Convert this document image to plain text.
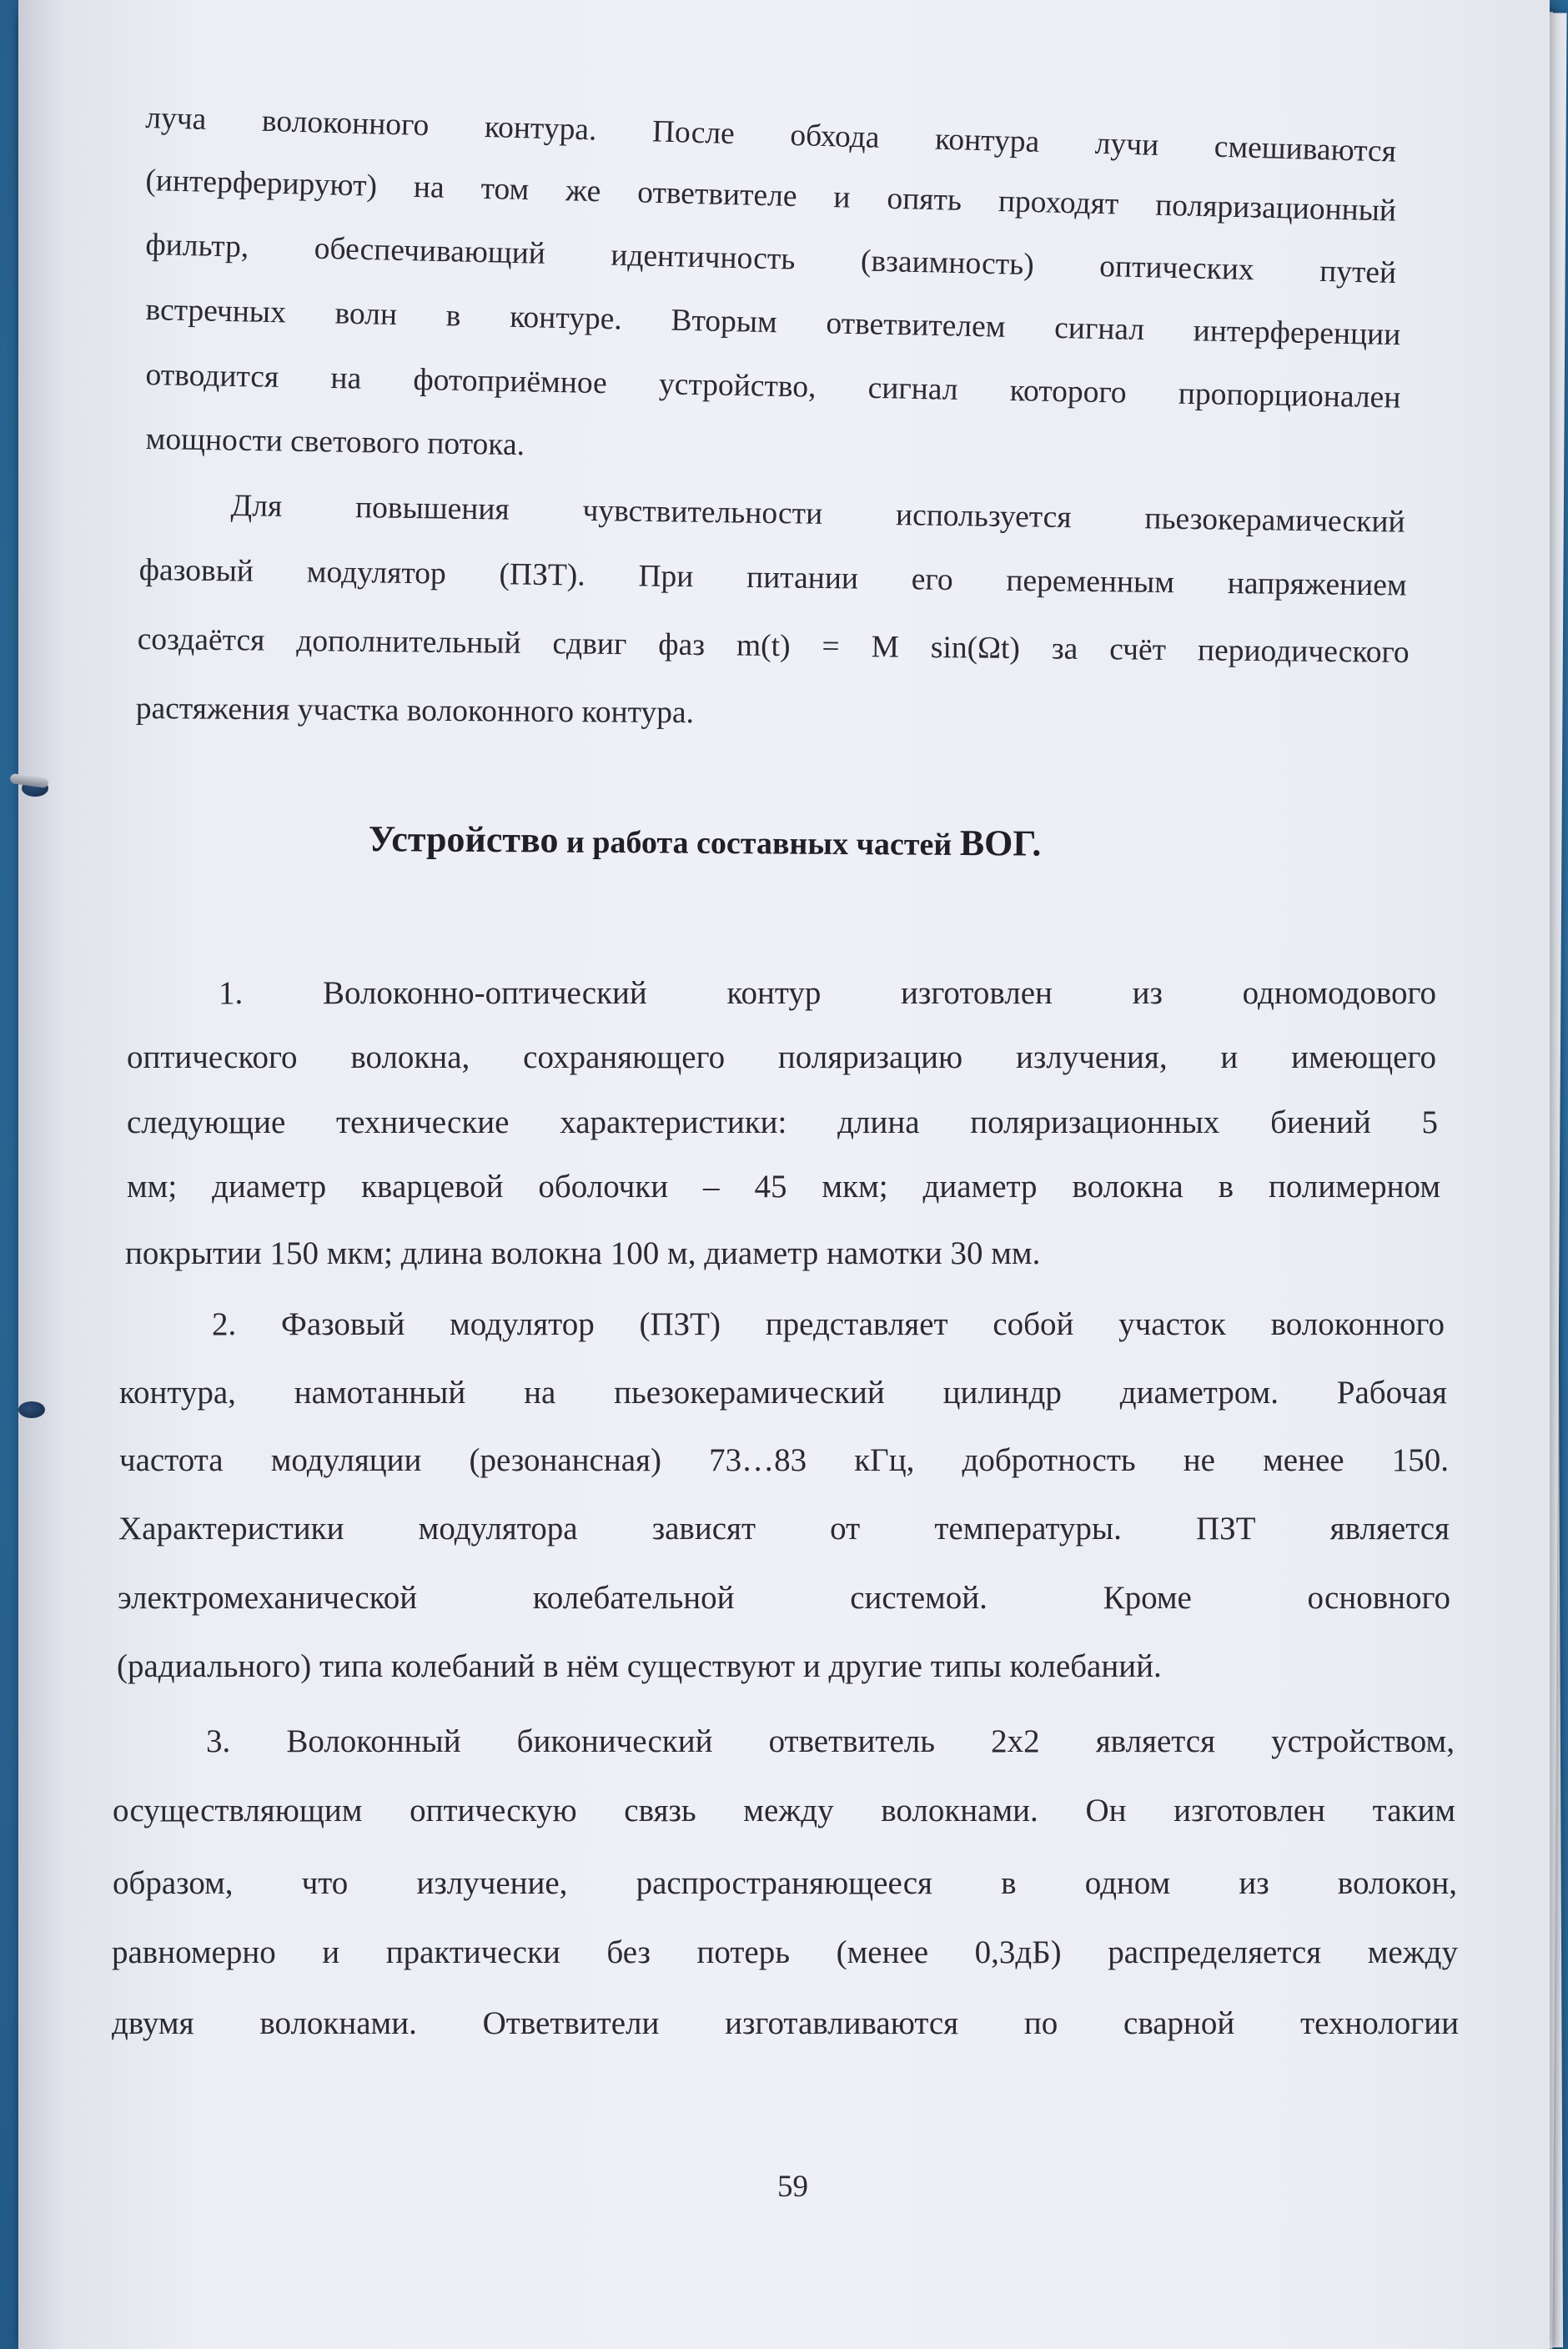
луча волоконного контура. После обхода контура лучи смешиваются
(интерферируют) на том же ответвителе и опять проходят поляризационный
фильтр, обеспечивающий идентичность (взаимность) оптических путей
встречных волн в контуре. Вторым ответвителем сигнал интерференции
отводится на фотоприёмное устройство, сигнал которого пропорционален
мощности светового потока.
Для повышения чувствительности используется пьезокерамический
фазовый модулятор (ПЗТ). При питании его переменным напряжением
создаётся дополнительный сдвиг фаз m(t) = M sin(Ωt) за счёт периодического
растяжения участка волоконного контура.
Устройство и работа составных частей ВОГ.
1. Волоконно-оптический контур изготовлен из одномодового
оптического волокна, сохраняющего поляризацию излучения, и имеющего
следующие технические характеристики: длина поляризационных биений 5
мм; диаметр кварцевой оболочки – 45 мкм; диаметр волокна в полимерном
покрытии 150 мкм; длина волокна 100 м, диаметр намотки 30 мм.
2. Фазовый модулятор (ПЗТ) представляет собой участок волоконного
контура, намотанный на пьезокерамический цилиндр диаметром. Рабочая
частота модуляции (резонансная) 73…83 кГц, добротность не менее 150.
Характеристики модулятора зависят от температуры. ПЗТ является
электромеханической колебательной системой. Кроме основного
(радиального) типа колебаний в нём существуют и другие типы колебаний.
3. Волоконный биконический ответвитель 2х2 является устройством,
осуществляющим оптическую связь между волокнами. Он изготовлен таким
образом, что излучение, распространяющееся в одном из волокон,
равномерно и практически без потерь (менее 0,3дБ) распределяется между
двумя волокнами. Ответвители изготавливаются по сварной технологии
59
